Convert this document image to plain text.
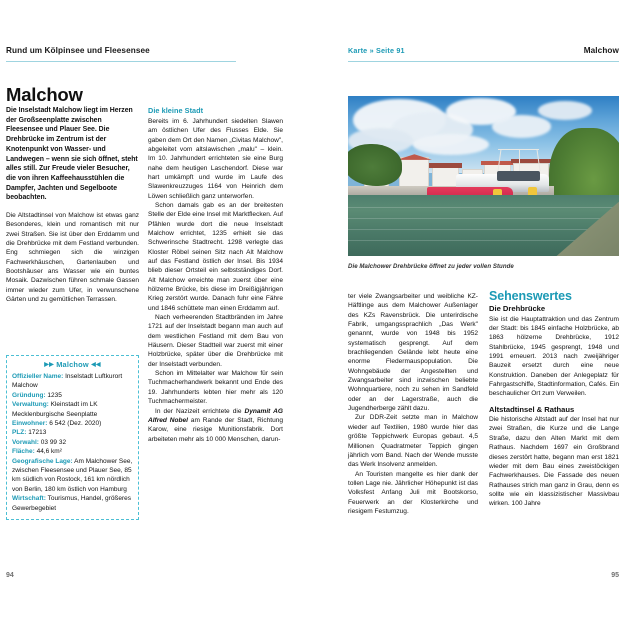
Rund um Kölpinsee und Fleesensee	Karte » Seite 91	Malchow
Malchow

Die Inselstadt Malchow liegt im Herzen der Großseenplatte zwischen Fleesensee und Plauer See. Die Drehbrücke im Zentrum ist der Knotenpunkt von Wasser- und Landwegen – wenn sie sich öffnet, steht alles still. Zur Freude vieler Besucher, die von ihren Kaffeehausstühlen die Dampfer, Jachten und Segelboote beobachten.

Die Altstadtinsel von Malchow ist etwas ganz Besonderes, klein und romantisch mit nur zwei Straßen. Sie ist über den Erddamm und die Drehbrücke mit dem Festland verbunden. Eng schmiegen sich die winzigen Fachwerkhäuschen, Gartenlauben und Bootshäuser ans Wasser wie ein buntes Mosaik. Dazwischen führen schmale Gassen immer wieder zum Ufer, in verwunschene Gärten und zu gemütlichen Terrassen.

▶▶ Malchow ◀◀
Offizieller Name: Inselstadt Luftkurort Malchow
Gründung: 1235
Verwaltung: Kleinstadt im LK Mecklenburgische Seenplatte
Einwohner: 6 542 (Dez. 2020)
PLZ: 17213
Vorwahl: 03 99 32
Fläche: 44,6 km²
Geografische Lage: Am Malchower See, zwischen Fleesensee und Plauer See, 85 km südlich von Rostock, 161 km nördlich von Berlin, 180 km östlich von Hamburg
Wirtschaft: Tourismus, Handel, größeres Gewerbegebiet
Die kleine Stadt

Bereits im 6. Jahrhundert siedelten Slawen am östlichen Ufer des Flusses Elde. Sie gaben dem Ort den Namen „Civitas Malchow", abgeleitet vom altslawischen „malu" – klein. Im 10. Jahrhundert errichteten sie eine Burg nahe dem heutigen Laschendorf. Diese war hart umkämpft und wurde im Laufe des Slawenkreuzzuges 1164 von Heinrich dem Löwen schließlich ganz unterworfen.

Schon damals gab es an der breitesten Stelle der Elde eine Insel mit Marktflecken. Auf Pfählen wurde dort die neue Inselstadt Malchow errichtet, 1235 erhielt sie das Schwerinsche Stadtrecht. 1298 verlegte das Kloster Röbel seinen Sitz nach Alt Malchow auf das Festland östlich der Insel. Bis 1934 blieb dieser Ortsteil ein selbstständiges Dorf. Alt Malchow erreichte man zuerst über eine hölzerne Brücke, bis diese im Dreißigjährigen Krieg zerstört wurde. Danach fuhr eine Fähre und 1846 schüttete man einen Erddamm auf.

Nach verheerenden Stadtbränden im Jahre 1721 auf der Inselstadt begann man auch auf dem westlichen Festland mit dem Bau von Häusern. Dieser Stadtteil war zuerst mit einer Holzbrücke, später über die Drehbrücke mit der Inselstadt verbunden.

Schon im Mittelalter war Malchow für sein Tuchmacherhandwerk bekannt und Ende des 19. Jahrhunderts lebten hier mehr als 120 Tuchmachermeister.

In der Nazizeit errichtete die Dynamit AG Alfred Nobel am Rande der Stadt, Richtung Karow, eine riesige Munitionsfabrik. Dort arbeiteten mehr als 10 000 Menschen, darun-

Die Malchower Drehbrücke öffnet zu jeder vollen Stunde

ter viele Zwangsarbeiter und weibliche KZ-Häftlinge aus dem Malchower Außenlager des KZs Ravensbrück. Die unterirdische Fabrik, umgangssprachlich „Das Werk" genannt, wurde von 1948 bis 1952 systematisch gesprengt. Auf dem brachliegenden Gelände lebt heute eine enorme Fledermauspopulation. Die Wohngebäude der Angestellten und Zwangsarbeiter sind inzwischen beliebte Wohnquartiere, noch zu sehen im Sandfeld oder an der Lagerstraße, auch die Jugendherberge zählt dazu.

Zur DDR-Zeit setzte man in Malchow wieder auf Textilien, 1980 wurde hier das größte Teppichwerk Europas gebaut. 4,5 Millionen Quadratmeter Teppich gingen jährlich vom Band. Nach der Wende musste das Werk Insolvenz anmelden.

An Touristen mangelte es hier dank der tollen Lage nie. Jährlicher Höhepunkt ist das Volksfest Anfang Juli mit Bootskorso, Feuerwerk an der Klosterkirche und riesigem Festumzug.

Sehenswertes
Die Drehbrücke

Sie ist die Hauptattraktion und das Zentrum der Stadt: bis 1845 einfache Holzbrücke, ab 1863 hölzerne Drehbrücke, 1912 Stahlbrücke, 1945 gesprengt, 1948 und 1991 erneuert. 2013 nach zweijähriger Bauzeit ersetzt durch eine neue Konstruktion. Daneben der Anlegeplatz für Fahrgastschiffe, Stadtinformation, Cafés. Ein beschaulicher Ort zum Verweilen.

Altstadtinsel & Rathaus

Die historische Altstadt auf der Insel hat nur zwei Straßen, die Kurze und die Lange Straße, dazu den Alten Markt mit dem Rathaus. Nachdem 1697 ein Großbrand dieses zerstört hatte, begann man erst 1821 wieder mit dem Bau eines zweistöckigen Fachwerkhauses. Die Fassade des neuen Rathauses strich man ganz in Grau, denn es sollte wie ein klassizistischer Massivbau wirken. 100 Jahre

94	95
